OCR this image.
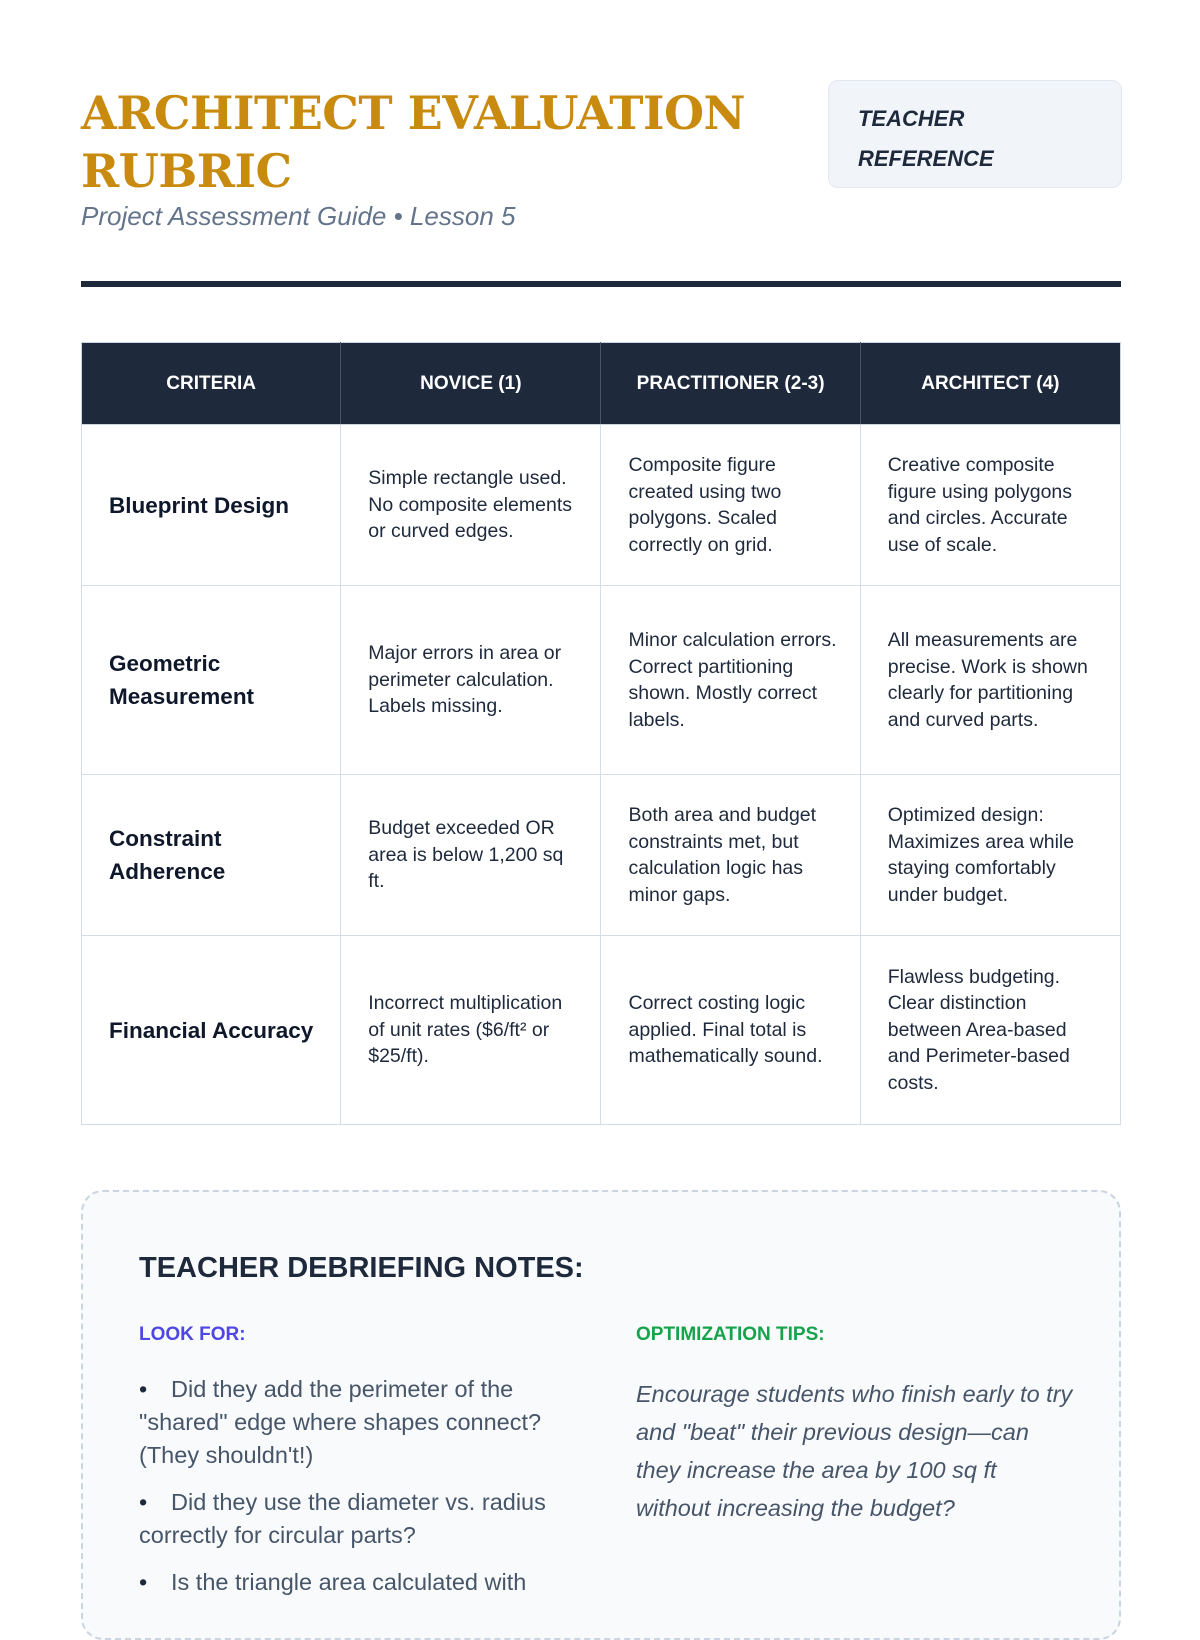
ARCHITECT EVALUATION RUBRIC
Project Assessment Guide • Lesson 5
TEACHER REFERENCE
CRITERIA	NOVICE (1)	PRACTITIONER (2-3)	ARCHITECT (4)
Blueprint Design	Simple rectangle used. No composite elements or curved edges.	Composite figure created using two polygons. Scaled correctly on grid.	Creative composite figure using polygons and circles. Accurate use of scale.
Geometric Measurement	Major errors in area or perimeter calculation. Labels missing.	Minor calculation errors. Correct partitioning shown. Mostly correct labels.	All measurements are precise. Work is shown clearly for partitioning and curved parts.
Constraint Adherence	Budget exceeded OR area is below 1,200 sq ft.	Both area and budget constraints met, but calculation logic has minor gaps.	Optimized design: Maximizes area while staying comfortably under budget.
Financial Accuracy	Incorrect multiplication of unit rates ($6/ft² or $25/ft).	Correct costing logic applied. Final total is mathematically sound.	Flawless budgeting. Clear distinction between Area-based and Perimeter-based costs.
TEACHER DEBRIEFING NOTES:
LOOK FOR:
• Did they add the perimeter of the "shared" edge where shapes connect? (They shouldn't!)
• Did they use the diameter vs. radius correctly for circular parts?
• Is the triangle area calculated with
OPTIMIZATION TIPS:

Encourage students who finish early to try and "beat" their previous design—can they increase the area by 100 sq ft without increasing the budget?
